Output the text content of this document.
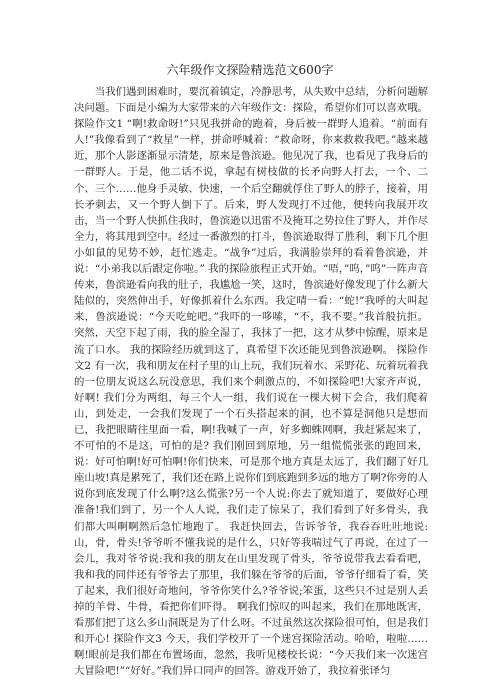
六年级作文探险精选范文600字

当我们遇到困难时，要沉着镇定，冷静思考，从失败中总结，分析问题解决问题。下面是小编为大家带来的六年级作文：探险，希望你们可以喜欢哦。 探险作文1 “啊!救命呀!”只见我拼命的跑着，身后被一群野人追着。“前面有人!”我像看到了“救星”一样，拼命呼喊着：“救命呀，你来救救我吧。”越来越近，那个人影逐渐显示清楚，原来是鲁滨逊。他见况了我，也看见了我身后的一群野人。于是，他二话不说，拿起有树枝做的长矛向野人打去，一个、二个、三个……他身手灵敏、快速，一个后空翻就俘住了野人的脖子，接着，用长矛刺去，又一个野人倒下了。后来，野人发现打不过他，便转向我展开攻击，当一个野人快抓住我时，鲁滨逊以迅雷不及掩耳之势拉住了野人，并作尽全力，将其甩到空中。经过一番激烈的打斗，鲁滨逊取得了胜利，剩下几个胆小如鼠的见势不妙，赶忙逃走。“战争”过后，我满脸崇拜的看着鲁滨逊，并说：“小弟我以后跟定你啦。” 我的探险旅程正式开始。“唔，”呜，”呜”一阵声音传来，鲁滨逊看向我的肚子，我尴尬一笑，这时，鲁滨逊好像发现了什么新大陆似的，突然伸出手，好像抓着什么东西。我定晴一看：“蛇!”我呼的大叫起来，鲁滨逊说：“今天吃蛇吧。”我吓的一哆嗦，“不，我不要。”我首般抗拒。 突然，天空下起了雨，我的脸全湿了，我抹了一把，这才从梦中惊醒，原来是流了口水。 我的探险经历就到这了，真希望下次还能见到鲁滨逊啊。 探险作文2 有一次，我和朋友在村子里的山上玩，我们玩着水、采野花、玩着玩着我的一位朋友说这么玩没意思，我们来个刺激点的，不如探险吧!大家齐声说，好啊! 我们分为两组，每三个人一组，我们说在一棵大树下会合，我们爬着山，到处走，一会我们发现了一个石头搭起来的洞，也不算是洞他只是想而已，我把眼睛往里面一看，啊!我喊了一声，好多蜘蛛网啊，我赶紧起来了，不可怕的不是这，可怕的是? 我们刚回到原地，另一组慌慌张张的跑回来，说：好可怕啊!好可怕啊!你们快来，可是那个地方真是太远了，我们翻了好几座山坡!真是累死了，我们还在路上说你们到底跑到多远的地方了啊?你旁的人说你到底发现了什么啊?这么慌张?另一个人说:你去了就知道了，要做好心理准备!我们到了，另一个人人说，我们走了惊呆了，我们看到了好多骨头，我们都大叫啊啊然后急忙地跑了。 我赶快回去，告诉爷爷，我吞吞吐吐地说:山，骨，骨头!爷爷听不懂我说的是什么，只好等我喘过气了再说，在过了一会儿，我对爷爷说:我和我的朋友在山里发现了骨头，爷爷说带我去看看吧，我和我的同伴还有爷爷去了那里，我们躲在爷爷的后面，爷爷仔细看了看，笑了起来，我们很好奇地问，爷爷你笑什么?爷爷说;笨蛋，这些只不过是别人丢掉的羊骨、牛骨，看把你们吓得。 啊我们惊叹的叫起来，我们在那地既害，看那们把了这么多山洞既是为了什么呀。不过虽然这次探险很可怕，但是我们和开心! 探险作文3 今天，我们学校开了一个迷宫探险活动。哈哈，啦啦……啊!眼前是我们都在布置场面，忽然，我听见楼校长说：“今天我们来一次迷宫大冒险吧!”“好好。”我们异口同声的回答。游戏开始了，我拉着张译匀
